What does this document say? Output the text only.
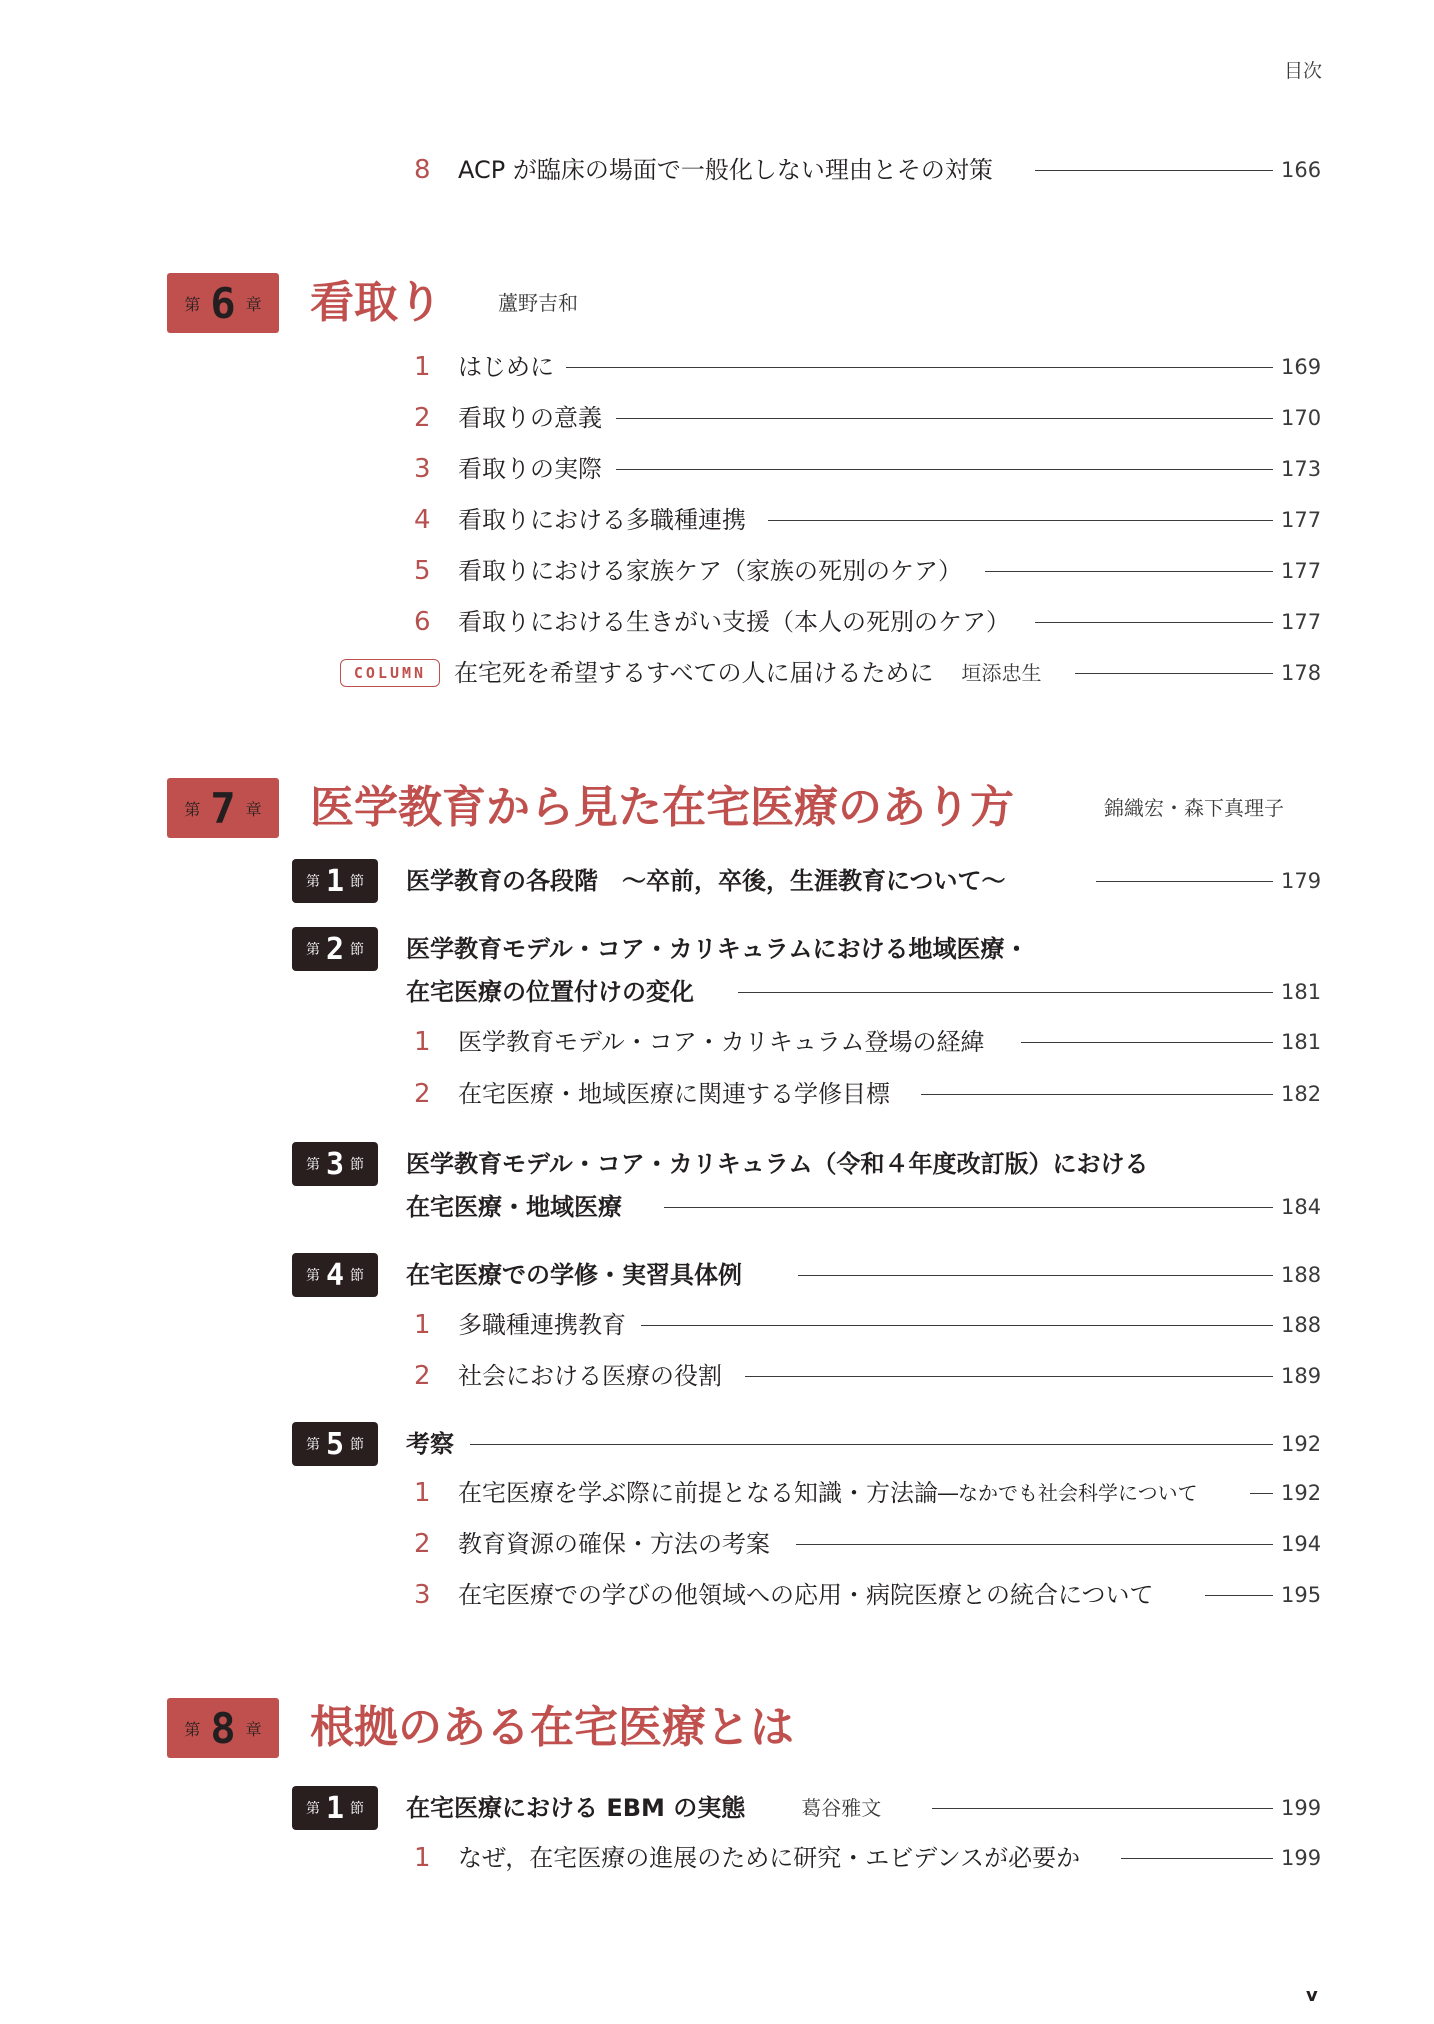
目次
8 ACP が臨床の場面で一般化しない理由とその対策	166
第 6 章 看取り	蘆野吉和
1 はじめに	169
2 看取りの意義	170
3 看取りの実際	173
4 看取りにおける多職種連携	177
5 看取りにおける家族ケア（家族の死別のケア）	177
6 看取りにおける生きがい支援（本人の死別のケア）	177
COLUMN	在宅死を希望するすべての人に届けるために 垣添忠生	178
第 7 章 医学教育から見た在宅医療のあり方	錦織宏・森下真理子
第 1 節 医学教育の各段階　～卒前，卒後，生涯教育について～	179
第 2 節 医学教育モデル・コア・カリキュラムにおける地域医療・
在宅医療の位置付けの変化	181
1 医学教育モデル・コア・カリキュラム登場の経緯	181
2 在宅医療・地域医療に関連する学修目標	182
第 3 節 医学教育モデル・コア・カリキュラム（令和４年度改訂版）における
在宅医療・地域医療	184
第 4 節 在宅医療での学修・実習具体例	188
1 多職種連携教育	188
2 社会における医療の役割	189
第 5 節 考察	192
1 在宅医療を学ぶ際に前提となる知識・方法論 ―なかでも社会科学について	192
2 教育資源の確保・方法の考案	194
3 在宅医療での学びの他領域への応用・病院医療との統合について	195
第 8 章 根拠のある在宅医療とは
第 1 節 在宅医療における EBM の実態	葛谷雅文	199
1 なぜ，在宅医療の進展のために研究・エビデンスが必要か	199
v
